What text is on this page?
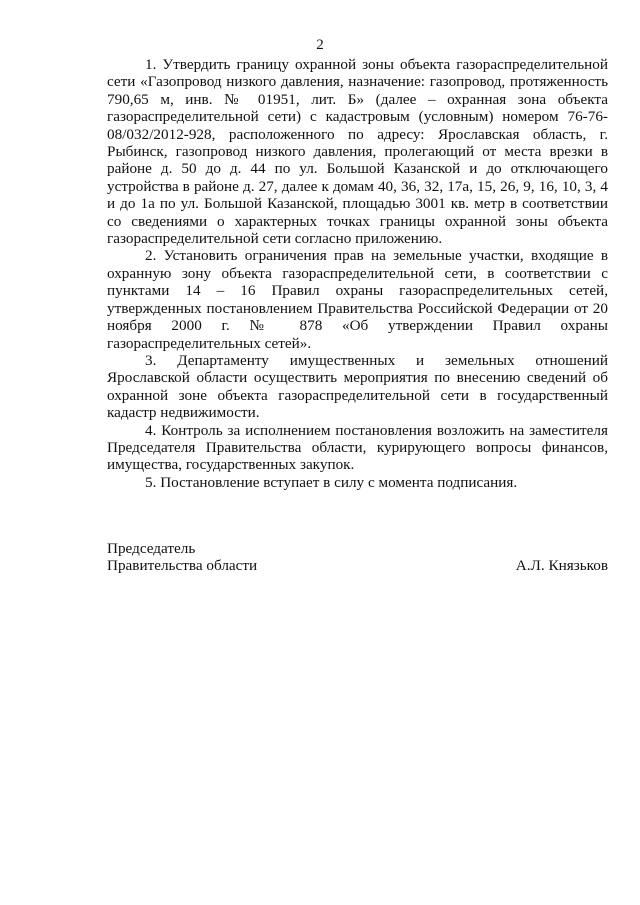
2

1. Утвердить границу охранной зоны объекта газораспределительной сети «Газопровод низкого давления, назначение: газопровод, протяженность 790,65 м, инв. № 01951, лит. Б» (далее – охранная зона объекта газораспределительной сети) с кадастровым (условным) номером 76-76-08/032/2012-928, расположенного по адресу: Ярославская область, г. Рыбинск, газопровод низкого давления, пролегающий от места врезки в районе д. 50 до д. 44 по ул. Большой Казанской и до отключающего устройства в районе д. 27, далее к домам 40, 36, 32, 17а, 15, 26, 9, 16, 10, 3, 4 и до 1а по ул. Большой Казанской, площадью 3001 кв. метр в соответствии со сведениями о характерных точках границы охранной зоны объекта газораспределительной сети согласно приложению.

2. Установить ограничения прав на земельные участки, входящие в охранную зону объекта газораспределительной сети, в соответствии с пунктами 14 – 16 Правил охраны газораспределительных сетей, утвержденных постановлением Правительства Российской Федерации от 20 ноября 2000 г. № 878 «Об утверждении Правил охраны газораспределительных сетей».

3. Департаменту имущественных и земельных отношений Ярославской области осуществить мероприятия по внесению сведений об охранной зоне объекта газораспределительной сети в государственный кадастр недвижимости.

4. Контроль за исполнением постановления возложить на заместителя Председателя Правительства области, курирующего вопросы финансов, имущества, государственных закупок.

5. Постановление вступает в силу с момента подписания.

Председатель
Правительства области	А.Л. Князьков
